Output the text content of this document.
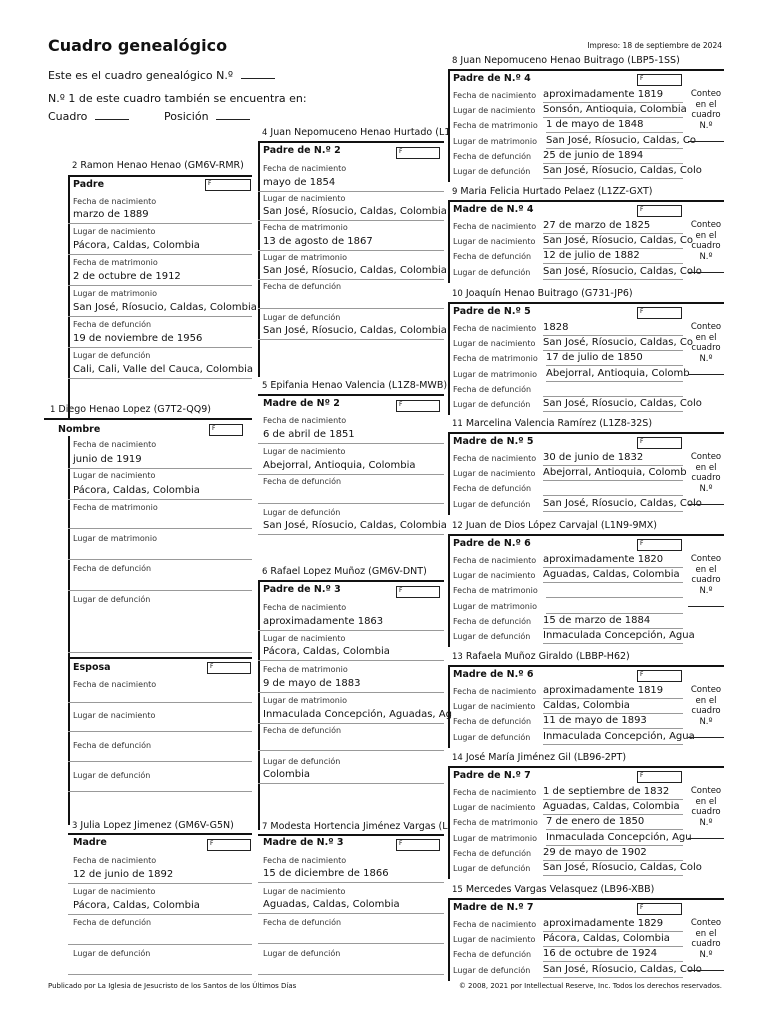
Cuadro genealógico	Impreso: 18 de septiembre de 2024
Este es el cuadro genealógico N.º
N.º 1 de este cuadro también se encuentra en:
Cuadro	Posición
1 Diego Henao Lopez (G7T2-QQ9)
Nombre	F
Fecha de nacimiento
junio de 1919
Lugar de nacimiento
Pácora, Caldas, Colombia
Fecha de matrimonio
Lugar de matrimonio
Fecha de defunción
Lugar de defunción
Esposa	F
Fecha de nacimiento
Lugar de nacimiento
Fecha de defunción
Lugar de defunción
2 Ramon Henao Henao (GM6V-RMR)
Padre	F
Fecha de nacimiento
marzo de 1889
Lugar de nacimiento
Pácora, Caldas, Colombia
Fecha de matrimonio
2 de octubre de 1912
Lugar de matrimonio
San José, Ríosucio, Caldas, Colombia
Fecha de defunción
19 de noviembre de 1956
Lugar de defunción
Cali, Cali, Valle del Cauca, Colombia
3 Julia Lopez Jimenez (GM6V-G5N)
Madre	F
Fecha de nacimiento
12 de junio de 1892
Lugar de nacimiento
Pácora, Caldas, Colombia
Fecha de defunción
Lugar de defunción
4 Juan Nepomuceno Henao Hurtado (L1
Padre de N.º 2	F
Fecha de nacimiento
mayo de 1854
Lugar de nacimiento
San José, Ríosucio, Caldas, Colombia
Fecha de matrimonio
13 de agosto de 1867
Lugar de matrimonio
San José, Ríosucio, Caldas, Colombia
Fecha de defunción
Lugar de defunción
San José, Ríosucio, Caldas, Colombia
5 Epifania Henao Valencia (L1Z8-MWB)
Madre de Nº 2	F
Fecha de nacimiento
6 de abril de 1851
Lugar de nacimiento
Abejorral, Antioquia, Colombia
Fecha de defunción
Lugar de defunción
San José, Ríosucio, Caldas, Colombia
6 Rafael Lopez Muñoz (GM6V-DNT)
Padre de N.º 3	F
Fecha de nacimiento
aproximadamente 1863
Lugar de nacimiento
Pácora, Caldas, Colombia
Fecha de matrimonio
9 de mayo de 1883
Lugar de matrimonio
Inmaculada Concepción, Aguadas, Ag
Fecha de defunción
Lugar de defunción
Colombia
7 Modesta Hortencia Jiménez Vargas (L
Madre de N.º 3	F
Fecha de nacimiento
15 de diciembre de 1866
Lugar de nacimiento
Aguadas, Caldas, Colombia
Fecha de defunción
Lugar de defunción
8 Juan Nepomuceno Henao Buitrago (LBP5-1SS)
Padre de N.º 4	F
Fecha de nacimiento aproximadamente 1819
Lugar de nacimiento Sonsón, Antioquia, Colombia
Fecha de matrimonio 1 de mayo de 1848
Lugar de matrimonio San José, Ríosucio, Caldas, Co
Fecha de defunción 25 de junio de 1894
Lugar de defunción San José, Ríosucio, Caldas, Colo
Conteo en el cuadro N.º
9 Maria Felicia Hurtado Pelaez (L1ZZ-GXT)
Madre de N.º 4	F
Fecha de nacimiento 27 de marzo de 1825
Lugar de nacimiento San José, Ríosucio, Caldas, Co
Fecha de defunción 12 de julio de 1882
Lugar de defunción San José, Ríosucio, Caldas, Colo
Conteo en el cuadro N.º
10 Joaquín Henao Buitrago (G731-JP6)
Padre de N.º 5	F
Fecha de nacimiento 1828
Lugar de nacimiento San José, Ríosucio, Caldas, Co
Fecha de matrimonio 17 de julio de 1850
Lugar de matrimonio Abejorral, Antioquia, Colomb
Fecha de defunción
Lugar de defunción San José, Ríosucio, Caldas, Colo
Conteo en el cuadro N.º
11 Marcelina Valencia Ramírez (L1Z8-32S)
Madre de N.º 5	F
Fecha de nacimiento 30 de junio de 1832
Lugar de nacimiento Abejorral, Antioquia, Colomb
Fecha de defunción
Lugar de defunción San José, Ríosucio, Caldas, Colo
Conteo en el cuadro N.º
12 Juan de Dios López Carvajal (L1N9-9MX)
Padre de N.º 6	F
Fecha de nacimiento aproximadamente 1820
Lugar de nacimiento Aguadas, Caldas, Colombia
Fecha de matrimonio
Lugar de matrimonio
Fecha de defunción 15 de marzo de 1884
Lugar de defunción Inmaculada Concepción, Agua
Conteo en el cuadro N.º
13 Rafaela Muñoz Giraldo (LBBP-H62)
Madre de N.º 6	F
Fecha de nacimiento aproximadamente 1819
Lugar de nacimiento Caldas, Colombia
Fecha de defunción 11 de mayo de 1893
Lugar de defunción Inmaculada Concepción, Agua
Conteo en el cuadro N.º
14 José María Jiménez Gil (LB96-2PT)
Padre de N.º 7	F
Fecha de nacimiento 1 de septiembre de 1832
Lugar de nacimiento Aguadas, Caldas, Colombia
Fecha de matrimonio 7 de enero de 1850
Lugar de matrimonio Inmaculada Concepción, Agu
Fecha de defunción 29 de mayo de 1902
Lugar de defunción San José, Ríosucio, Caldas, Colo
Conteo en el cuadro N.º
15 Mercedes Vargas Velasquez (LB96-XBB)
Madre de N.º 7	F
Fecha de nacimiento aproximadamente 1829
Lugar de nacimiento Pácora, Caldas, Colombia
Fecha de defunción 16 de octubre de 1924
Lugar de defunción San José, Ríosucio, Caldas, Colo
Conteo en el cuadro N.º
Publicado por La Iglesia de Jesucristo de los Santos de los Últimos Días	© 2008, 2021 por Intellectual Reserve, Inc. Todos los derechos reservados.
